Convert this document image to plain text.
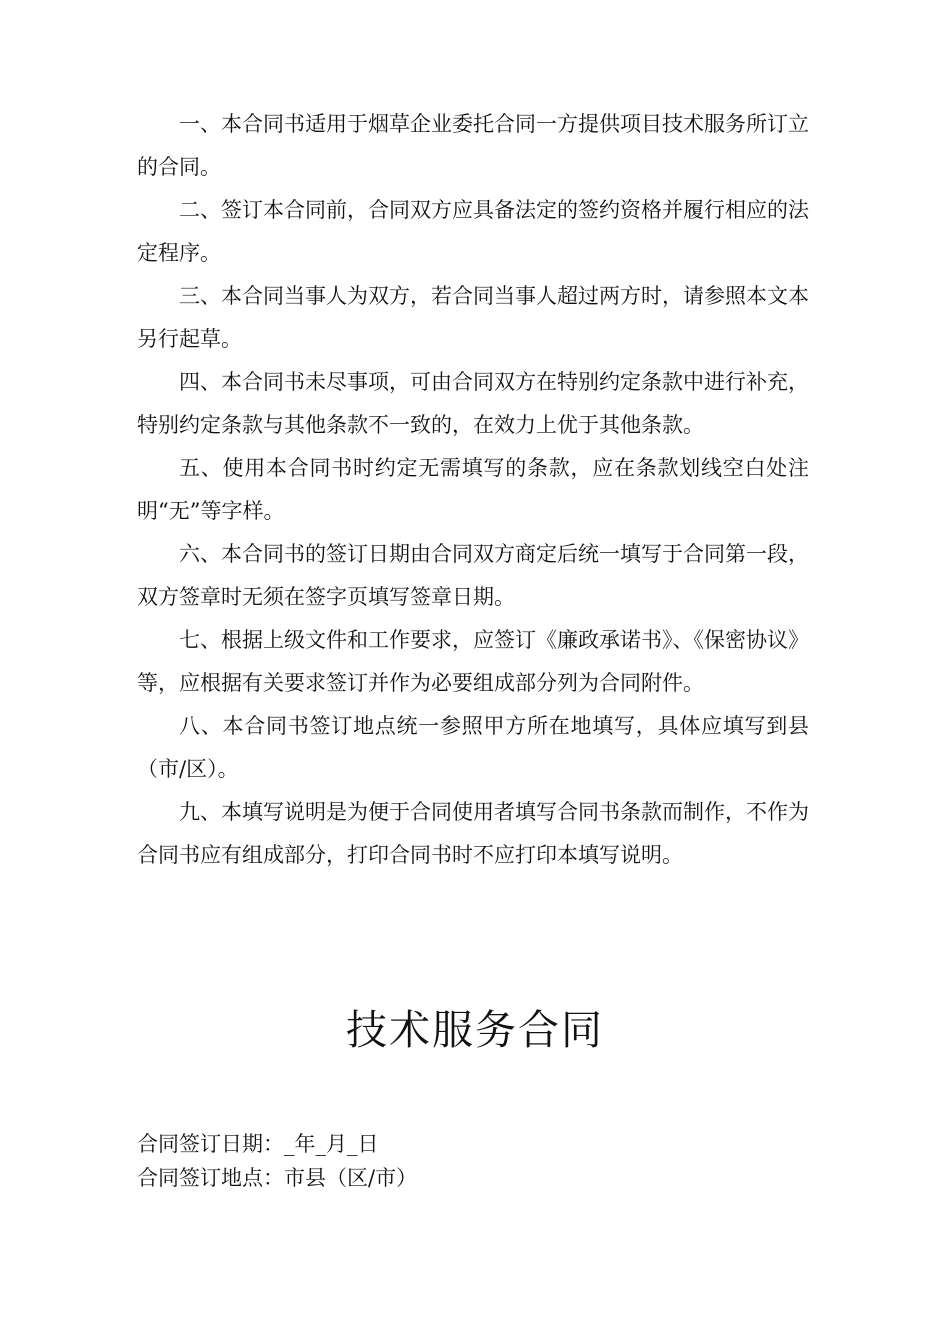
一、本合同书适用于烟草企业委托合同一方提供项目技术服务所订立的合同。

二、签订本合同前，合同双方应具备法定的签约资格并履行相应的法定程序。

三、本合同当事人为双方，若合同当事人超过两方时，请参照本文本另行起草。

四、本合同书未尽事项，可由合同双方在特别约定条款中进行补充，特别约定条款与其他条款不一致的，在效力上优于其他条款。

五、使用本合同书时约定无需填写的条款，应在条款划线空白处注明“无”等字样。

六、本合同书的签订日期由合同双方商定后统一填写于合同第一段，双方签章时无须在签字页填写签章日期。

七、根据上级文件和工作要求，应签订《廉政承诺书》、《保密协议》等，应根据有关要求签订并作为必要组成部分列为合同附件。

八、本合同书签订地点统一参照甲方所在地填写，具体应填写到县（市/区）。

九、本填写说明是为便于合同使用者填写合同书条款而制作，不作为合同书应有组成部分，打印合同书时不应打印本填写说明。

技术服务合同
合同签订日期：_年_月_日
合同签订地点：市县（区/市）
